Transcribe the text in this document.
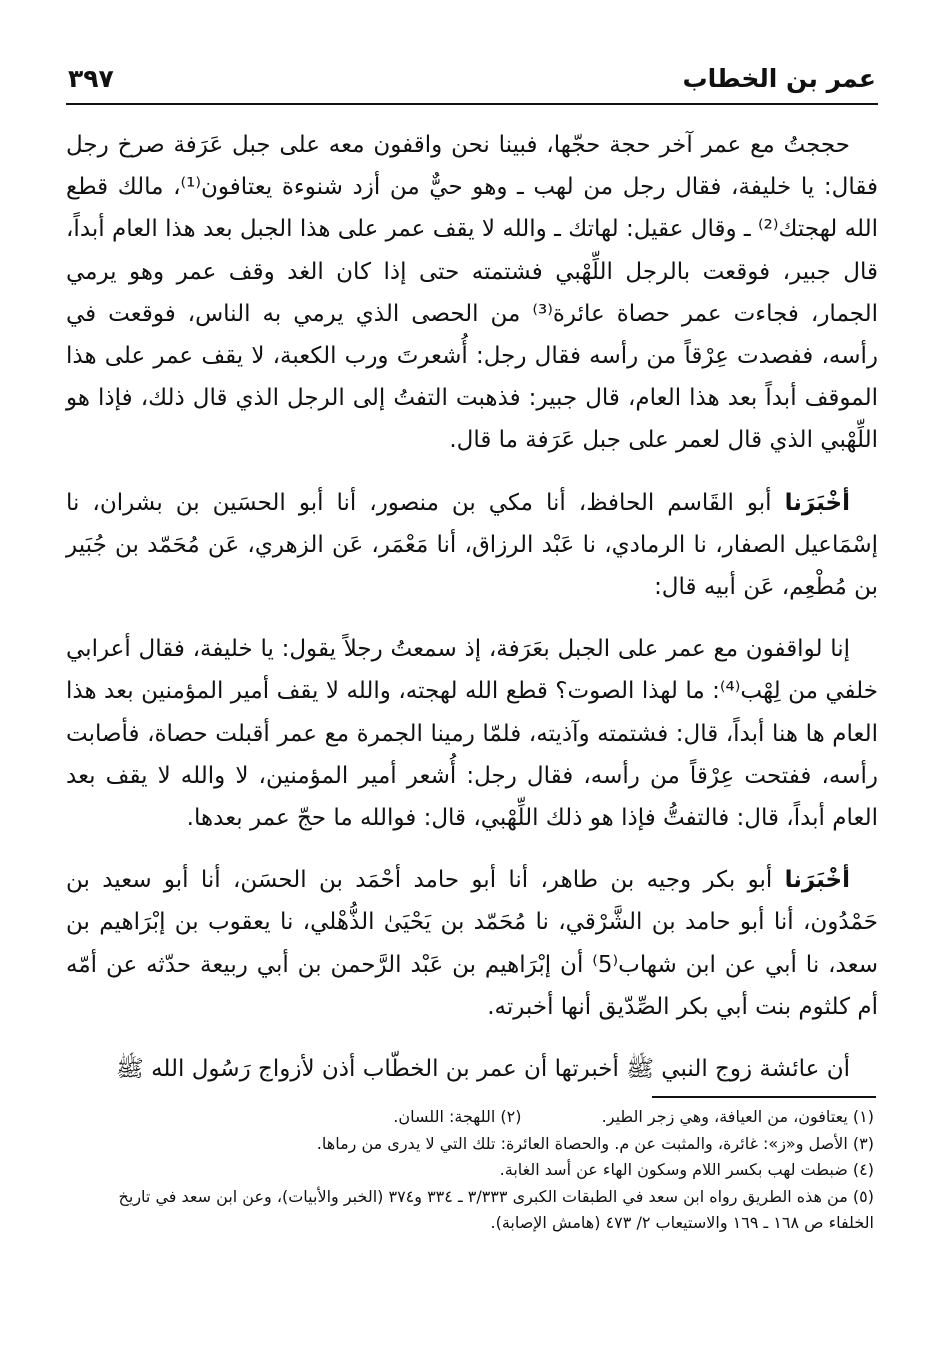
عمر بن الخطاب
٣٩٧

حججتُ مع عمر آخر حجة حجّها، فبينا نحن واقفون معه على جبل عَرَفة صرخ رجل فقال: يا خليفة، فقال رجل من لهب ـ وهو حيٌّ من أزد شنوءة يعتافون⁽¹⁾، مالك قطع الله لهجتك⁽²⁾ ـ وقال عقيل: لهاتك ـ والله لا يقف عمر على هذا الجبل بعد هذا العام أبداً، قال جبير، فوقعت بالرجل اللِّهْبي فشتمته حتى إذا كان الغد وقف عمر وهو يرمي الجمار، فجاءت عمر حصاة عائرة⁽³⁾ من الحصى الذي يرمي به الناس، فوقعت في رأسه، ففصدت عِرْقاً من رأسه فقال رجل: أُشعرتَ ورب الكعبة، لا يقف عمر على هذا الموقف أبداً بعد هذا العام، قال جبير: فذهبت التفتُ إلى الرجل الذي قال ذلك، فإذا هو اللِّهْبي الذي قال لعمر على جبل عَرَفة ما قال.

أخْبَرَنا أبو القَاسم الحافظ، أنا مكي بن منصور، أنا أبو الحسَين بن بشران، نا إسْمَاعيل الصفار، نا الرمادي، نا عَبْد الرزاق، أنا مَعْمَر، عَن الزهري، عَن مُحَمّد بن جُبَير بن مُطْعِم، عَن أبيه قال:

إنا لواقفون مع عمر على الجبل بعَرَفة، إذ سمعتُ رجلاً يقول: يا خليفة، فقال أعرابي خلفي من لِهْب⁽⁴⁾: ما لهذا الصوت؟ قطع الله لهجته، والله لا يقف أمير المؤمنين بعد هذا العام ها هنا أبداً، قال: فشتمته وآذيته، فلمّا رمينا الجمرة مع عمر أقبلت حصاة، فأصابت رأسه، ففتحت عِرْقاً من رأسه، فقال رجل: أُشعر أمير المؤمنين، لا والله لا يقف بعد العام أبداً، قال: فالتفتُّ فإذا هو ذلك اللِّهْبي، قال: فوالله ما حجّ عمر بعدها.

أخْبَرَنا أبو بكر وجيه بن طاهر، أنا أبو حامد أحْمَد بن الحسَن، أنا أبو سعيد بن حَمْدُون، أنا أبو حامد بن الشَّرْقي، نا مُحَمّد بن يَحْيَىٰ الذُّهْلي، نا يعقوب بن إبْرَاهيم بن سعد، نا أبي عن ابن شهاب⁽5⁾ أن إبْرَاهيم بن عَبْد الرَّحمن بن أبي ربيعة حدّثه عن أمّه أم كلثوم بنت أبي بكر الصِّدّيق أنها أخبرته.

أن عائشة زوج النبي ﷺ أخبرتها أن عمر بن الخطّاب أذن لأزواج رَسُول الله ﷺ

(١) يعتافون، من العيافة، وهي زجر الطير.  (٢) اللهجة: اللسان.
(٣) الأصل و«ز»: غائرة، والمثبت عن م. والحصاة العائرة: تلك التي لا يدرى من رماها.
(٤) ضبطت لهب بكسر اللام وسكون الهاء عن أسد الغابة.
(٥) من هذه الطريق رواه ابن سعد في الطبقات الكبرى ٣/٣٣٣ ـ ٣٣٤ و٣٧٤ (الخبر والأبيات)، وعن ابن سعد في تاريخ الخلفاء ص ١٦٨ ـ ١٦٩ والاستيعاب ٢/ ٤٧٣ (هامش الإصابة).
